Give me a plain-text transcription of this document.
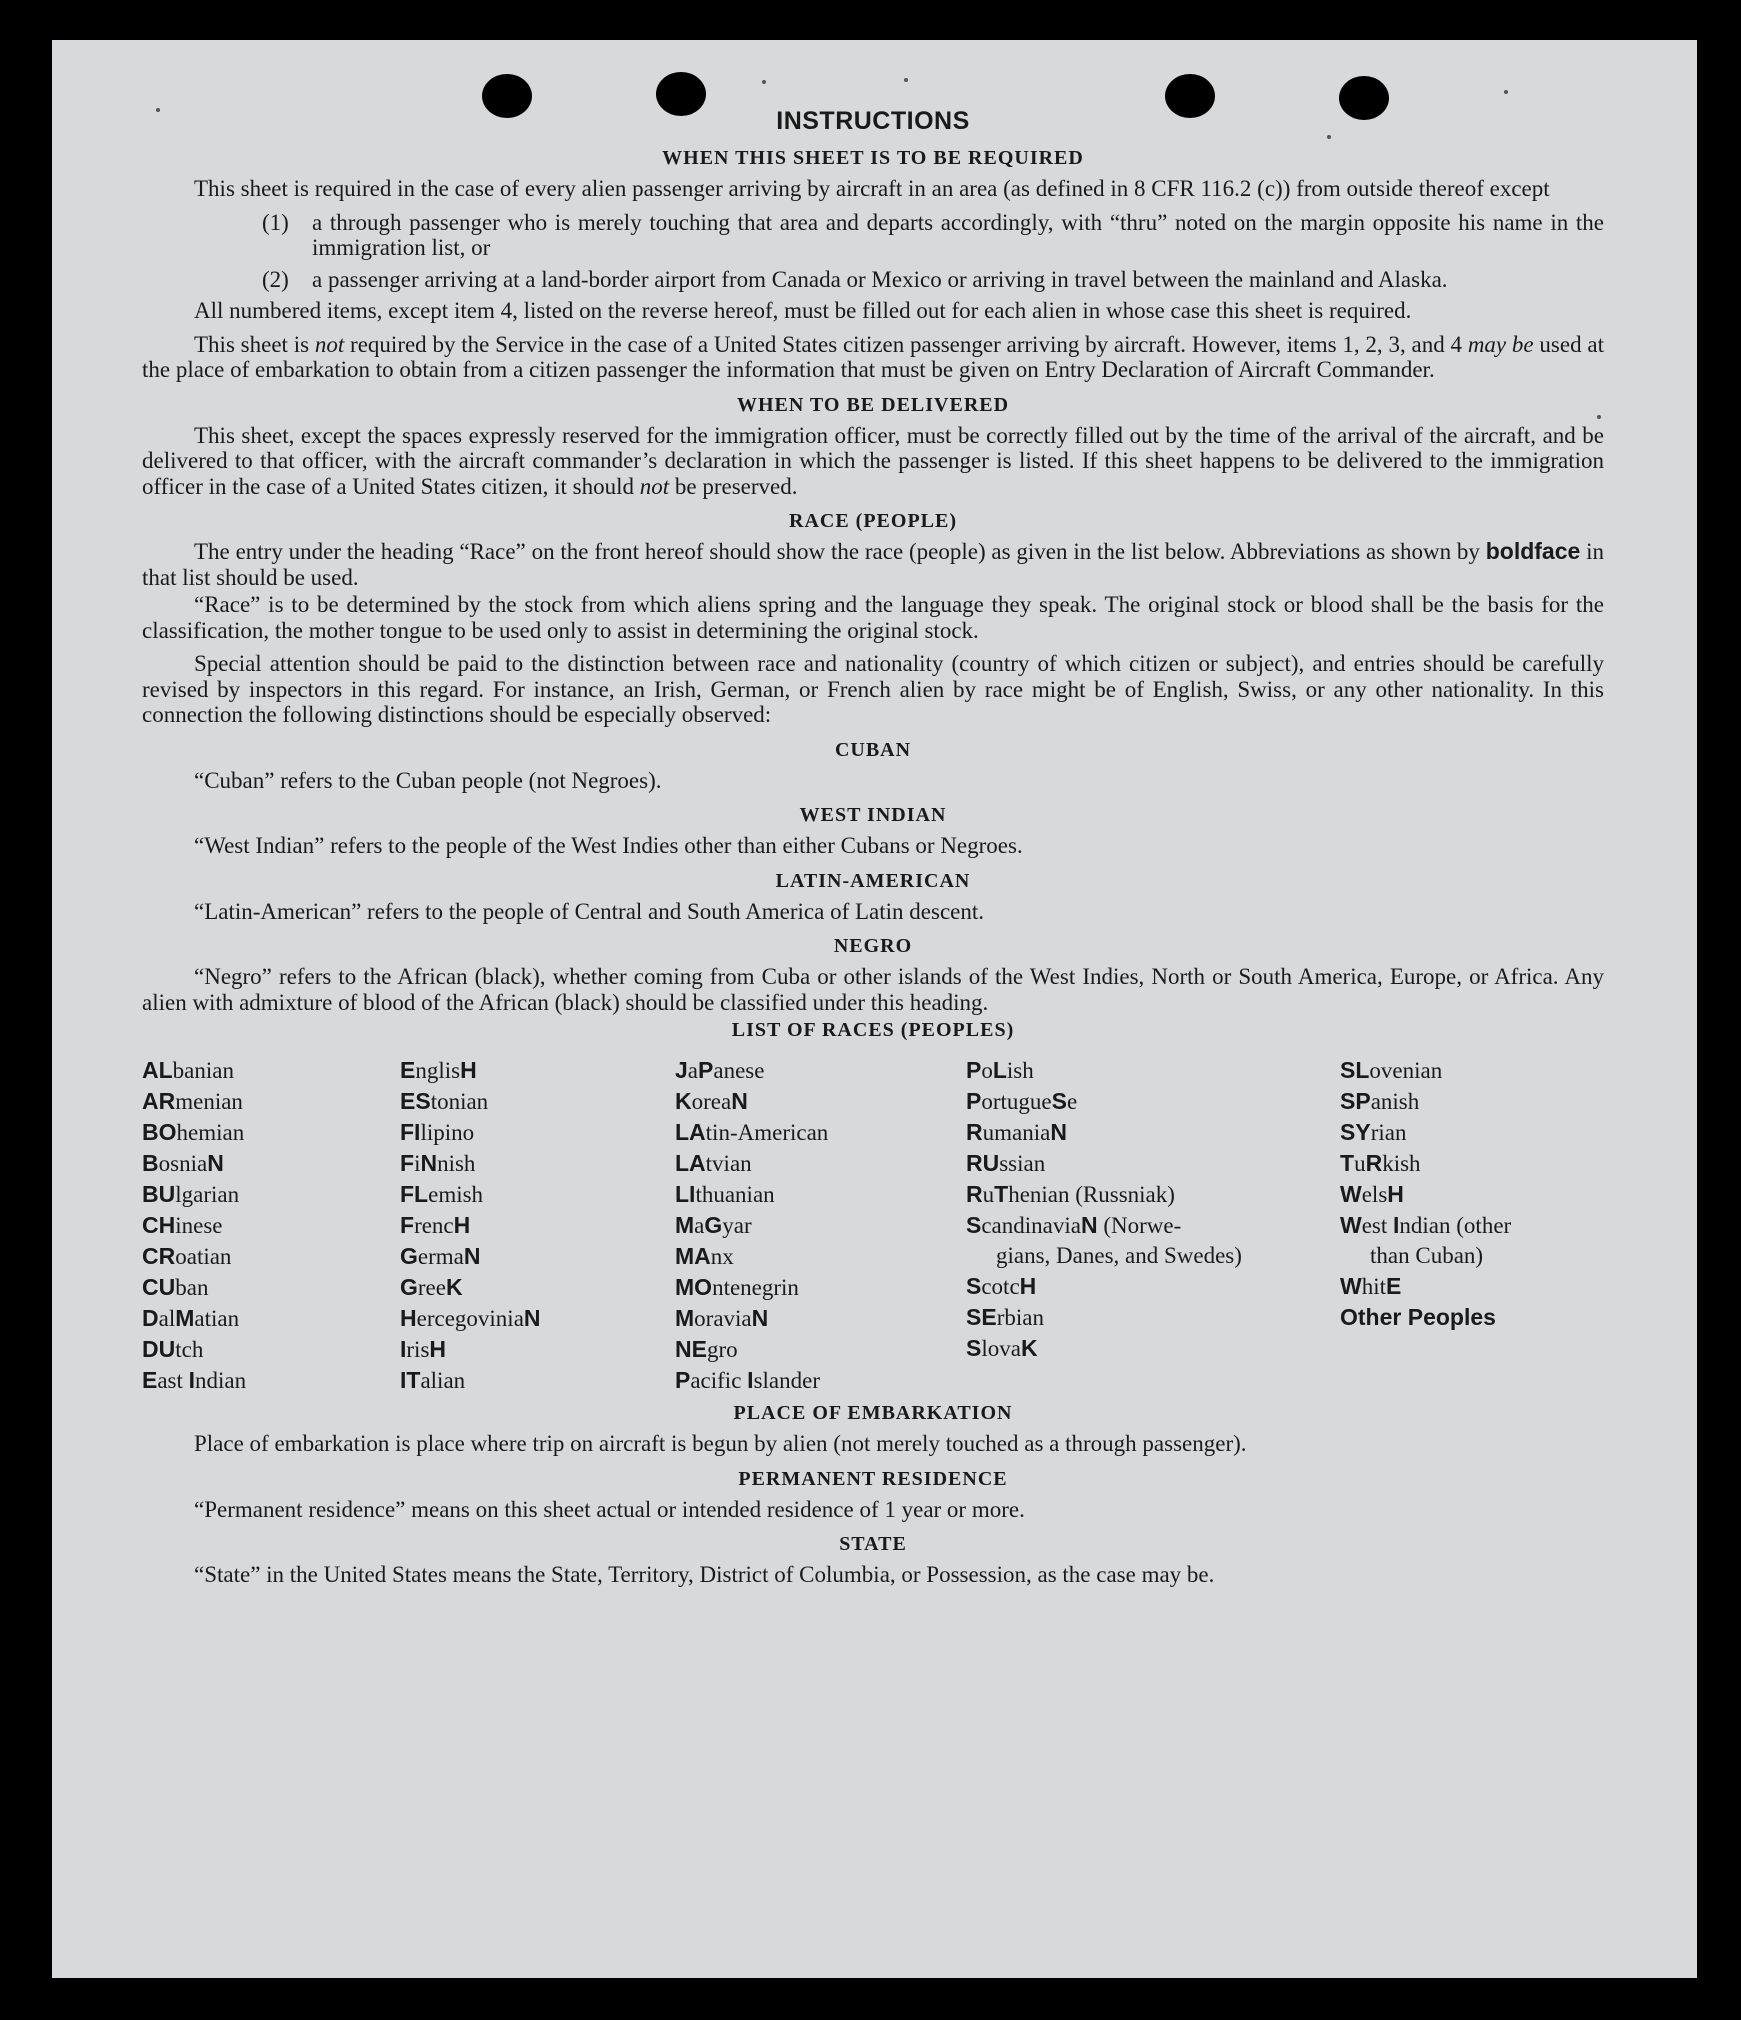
INSTRUCTIONS
WHEN THIS SHEET IS TO BE REQUIRED

This sheet is required in the case of every alien passenger arriving by aircraft in an area (as defined in 8 CFR 116.2 (c)) from outside thereof except

(1)	a through passenger who is merely touching that area and departs accordingly, with “thru” noted on the margin opposite his name in the immigration list, or
(2)	a passenger arriving at a land-border airport from Canada or Mexico or arriving in travel between the mainland and Alaska.

All numbered items, except item 4, listed on the reverse hereof, must be filled out for each alien in whose case this sheet is required.

This sheet is not required by the Service in the case of a United States citizen passenger arriving by aircraft. However, items 1, 2, 3, and 4 may be used at the place of embarkation to obtain from a citizen passenger the information that must be given on Entry Declaration of Aircraft Commander.

WHEN TO BE DELIVERED

This sheet, except the spaces expressly reserved for the immigration officer, must be correctly filled out by the time of the arrival of the aircraft, and be delivered to that officer, with the aircraft commander’s declaration in which the passenger is listed. If this sheet happens to be delivered to the immigration officer in the case of a United States citizen, it should not be preserved.

RACE (PEOPLE)

The entry under the heading “Race” on the front hereof should show the race (people) as given in the list below. Abbreviations as shown by boldface in that list should be used.

“Race” is to be determined by the stock from which aliens spring and the language they speak. The original stock or blood shall be the basis for the classification, the mother tongue to be used only to assist in determining the original stock.

Special attention should be paid to the distinction between race and nationality (country of which citizen or subject), and entries should be carefully revised by inspectors in this regard. For instance, an Irish, German, or French alien by race might be of English, Swiss, or any other nationality. In this connection the following distinctions should be especially observed:

CUBAN

“Cuban” refers to the Cuban people (not Negroes).

WEST INDIAN

“West Indian” refers to the people of the West Indies other than either Cubans or Negroes.

LATIN-AMERICAN

“Latin-American” refers to the people of Central and South America of Latin descent.

NEGRO

“Negro” refers to the African (black), whether coming from Cuba or other islands of the West Indies, North or South America, Europe, or Africa. Any alien with admixture of blood of the African (black) should be classified under this heading.

LIST OF RACES (PEOPLES)
ALbanian
ARmenian
BOhemian
BosniaN
BUlgarian
CHinese
CRoatian
CUban
DalMatian
DUtch
East Indian
EnglisH
EStonian
FIlipino
FiNnish
FLemish
FrencH
GermaN
GreeK
HercegoviniaN
IrisH
ITalian
JaPanese
KoreaN
LAtin-American
LAtvian
LIthuanian
MaGyar
MAnx
MOntenegrin
MoraviaN
NEgro
Pacific Islander
PoLish
PortugueSe
RumaniaN
RUssian
RuThenian (Russniak)
ScandinaviaN (Norwe-
gians, Danes, and Swedes)
ScotcH
SErbian
SlovaK
SLovenian
SPanish
SYrian
TuRkish
WelsH
West Indian (other
than Cuban)
WhitE
Other Peoples
PLACE OF EMBARKATION

Place of embarkation is place where trip on aircraft is begun by alien (not merely touched as a through passenger).

PERMANENT RESIDENCE

“Permanent residence” means on this sheet actual or intended residence of 1 year or more.

STATE

“State” in the United States means the State, Territory, District of Columbia, or Possession, as the case may be.
